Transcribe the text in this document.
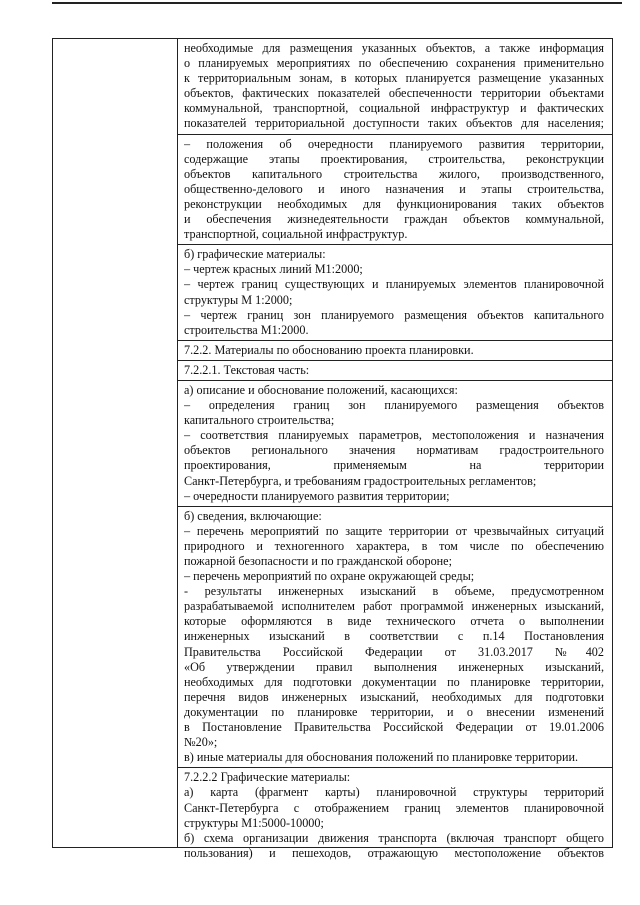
необходимые для размещения указанных объектов, а также информация
о планируемых мероприятиях по обеспечению сохранения применительно
к территориальным зонам, в которых планируется размещение указанных
объектов, фактических показателей обеспеченности территории объектами
коммунальной, транспортной, социальной инфраструктур и фактических
показателей территориальной доступности таких объектов для населения;
– положения об очередности планируемого развития территории,
содержащие этапы проектирования, строительства, реконструкции
объектов капитального строительства жилого, производственного,
общественно-делового и иного назначения и этапы строительства,
реконструкции необходимых для функционирования таких объектов
и обеспечения жизнедеятельности граждан объектов коммунальной,
транспортной, социальной инфраструктур.
б) графические материалы:
– чертеж красных линий М1:2000;
– чертеж границ существующих и планируемых элементов планировочной
структуры М 1:2000;
– чертеж границ зон планируемого размещения объектов капитального
строительства М1:2000.
7.2.2. Материалы по обоснованию проекта планировки.
7.2.2.1. Текстовая часть:
а) описание и обоснование положений, касающихся:
– определения границ зон планируемого размещения объектов
капитального строительства;
– соответствия планируемых параметров, местоположения и назначения
объектов регионального значения нормативам градостроительного
проектирования, применяемым на территории
Санкт-Петербурга, и требованиям градостроительных регламентов;
– очередности планируемого развития территории;
б) сведения, включающие:
– перечень мероприятий по защите территории от чрезвычайных ситуаций
природного и техногенного характера, в том числе по обеспечению
пожарной безопасности и по гражданской обороне;
– перечень мероприятий по охране окружающей среды;
- результаты инженерных изысканий в объеме, предусмотренном
разрабатываемой исполнителем работ программой инженерных изысканий,
которые оформляются в виде технического отчета о выполнении
инженерных изысканий в соответствии с п.14 Постановления
Правительства Российской Федерации от 31.03.2017 №402
«Об утверждении правил выполнения инженерных изысканий,
необходимых для подготовки документации по планировке территории,
перечня видов инженерных изысканий, необходимых для подготовки
документации по планировке территории, и о внесении изменений
в Постановление Правительства Российской Федерации от 19.01.2006
№20»;
в) иные материалы для обоснования положений по планировке территории.
7.2.2.2 Графические материалы:
а) карта (фрагмент карты) планировочной структуры территорий
Санкт-Петербурга с отображением границ элементов планировочной
структуры М1:5000-10000;
б) схема организации движения транспорта (включая транспорт общего
пользования) и пешеходов, отражающую местоположение объектов
